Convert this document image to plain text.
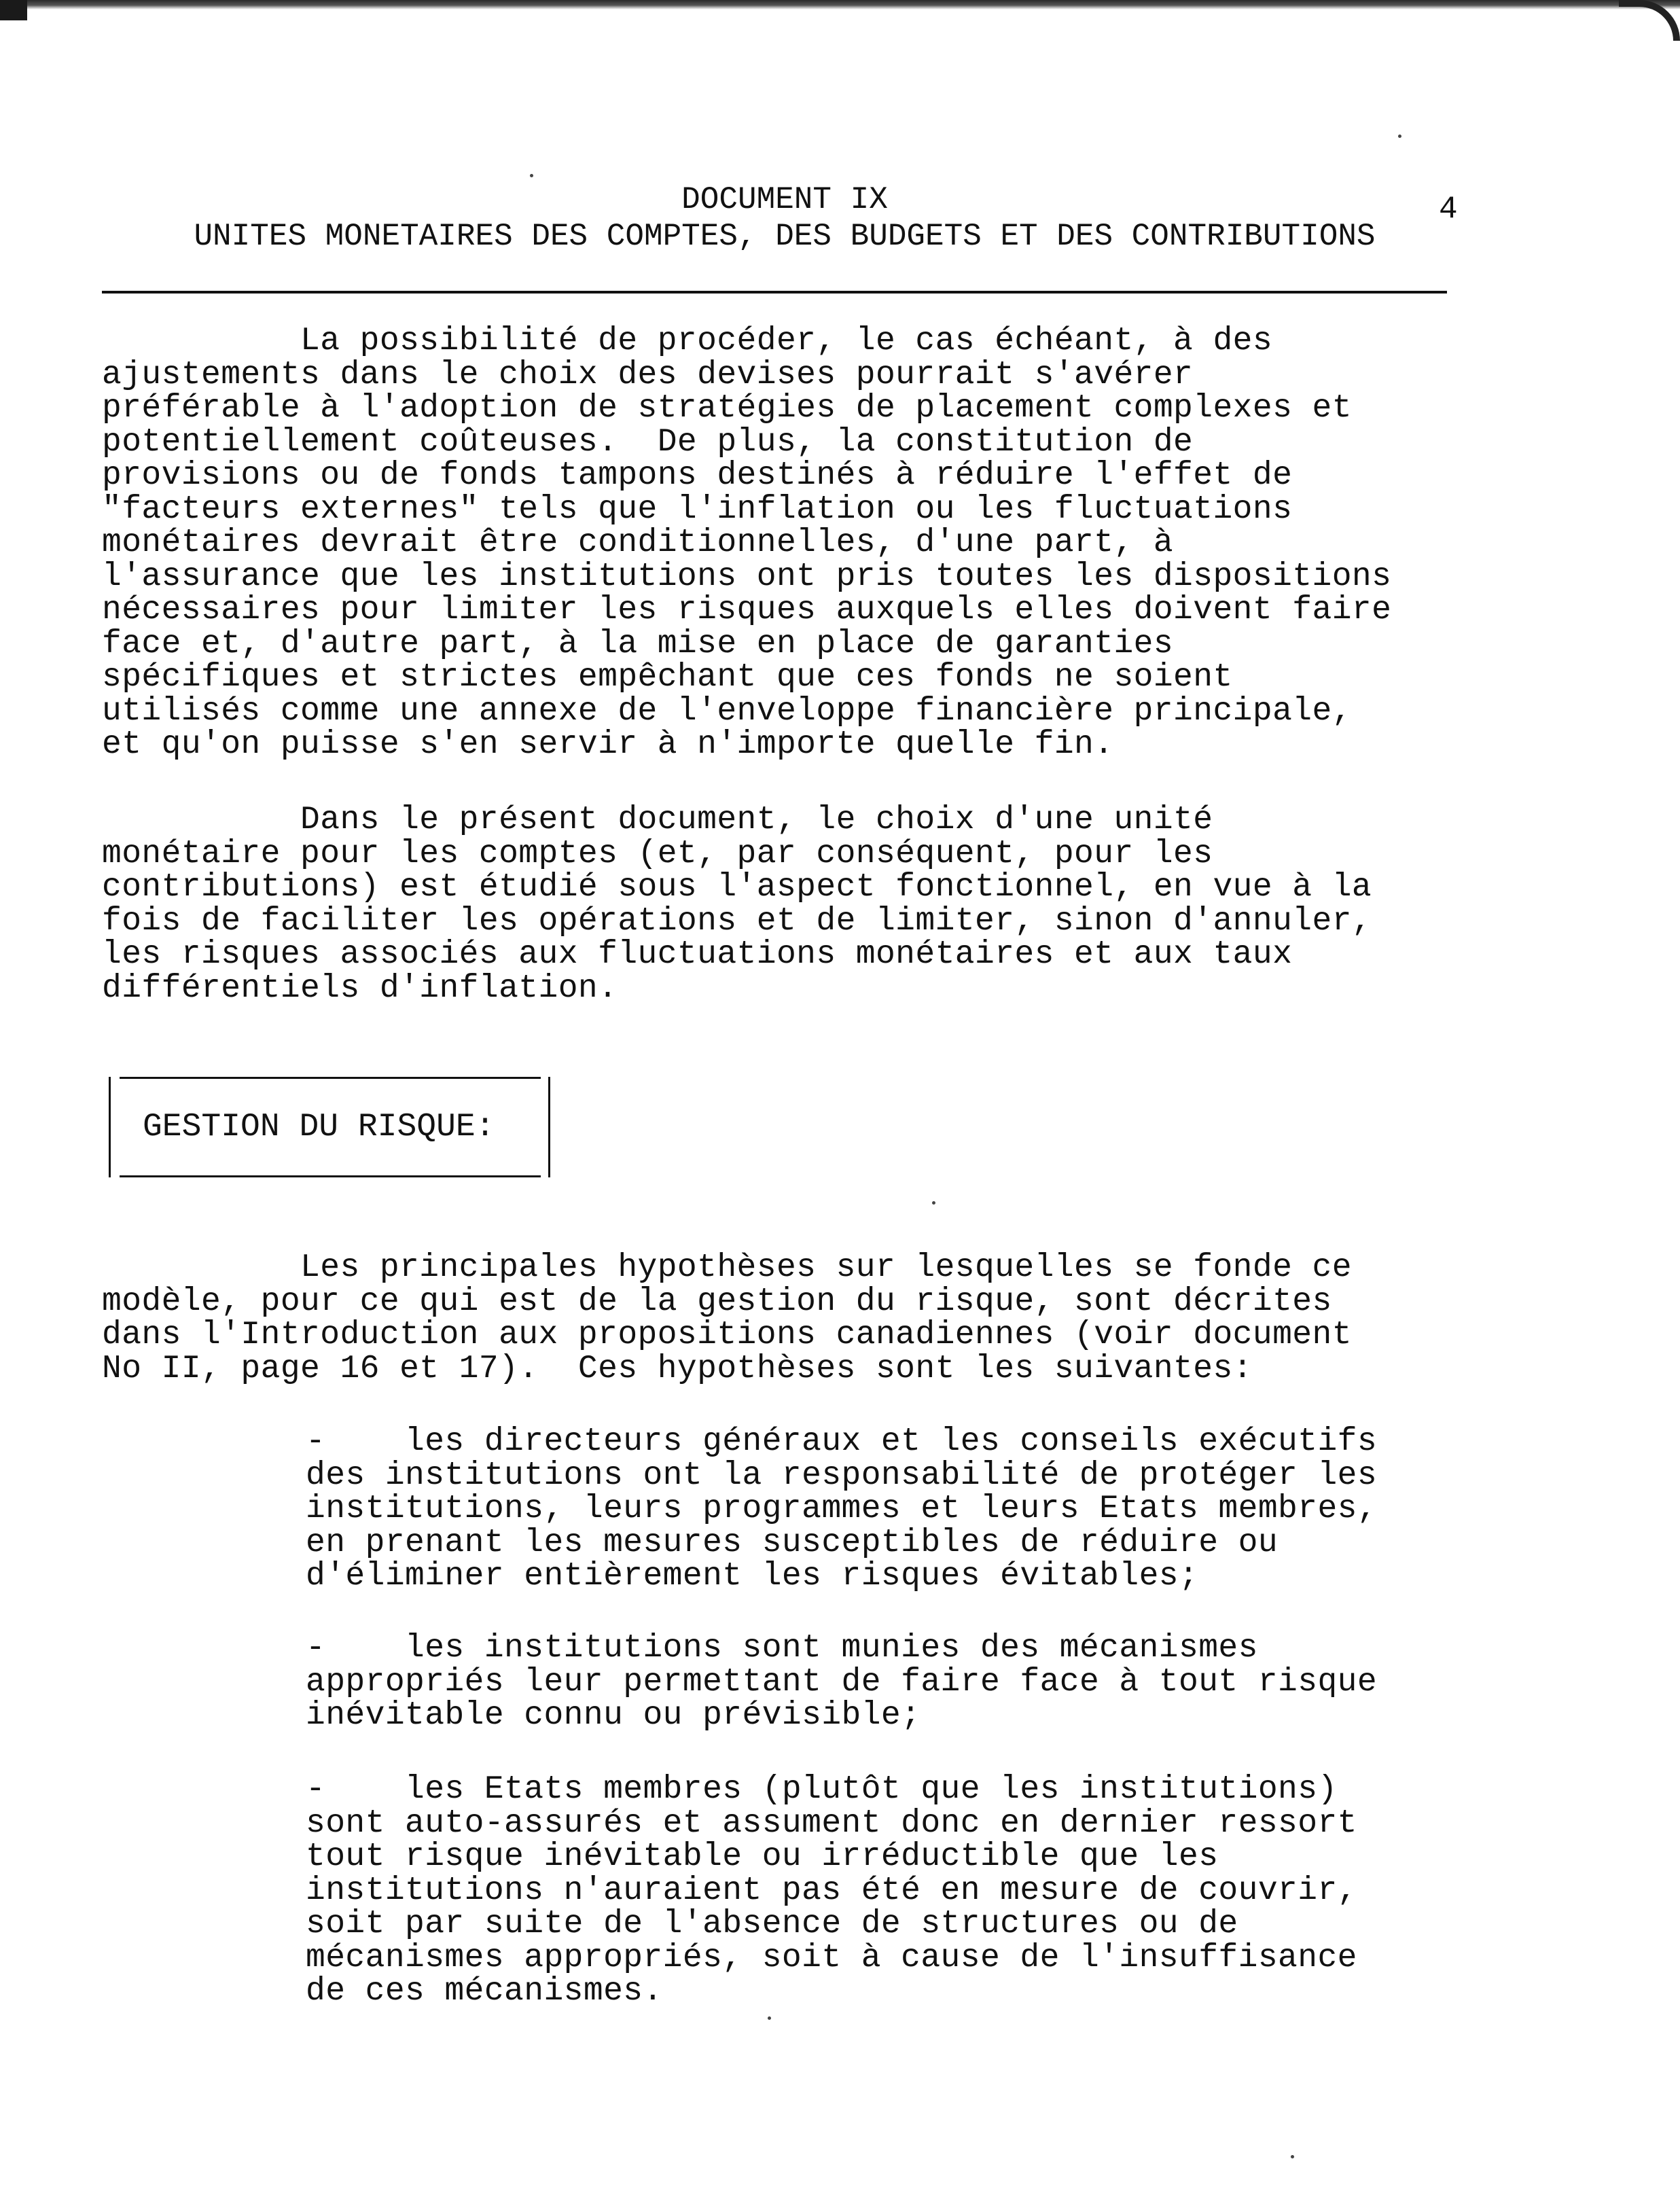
DOCUMENT IX	4
UNITES MONETAIRES DES COMPTES, DES BUDGETS ET DES CONTRIBUTIONS
La possibilité de procéder, le cas échéant, à des
ajustements dans le choix des devises pourrait s'avérer
préférable à l'adoption de stratégies de placement complexes et
potentiellement coûteuses.  De plus, la constitution de
provisions ou de fonds tampons destinés à réduire l'effet de
"facteurs externes" tels que l'inflation ou les fluctuations
monétaires devrait être conditionnelles, d'une part, à
l'assurance que les institutions ont pris toutes les dispositions
nécessaires pour limiter les risques auxquels elles doivent faire
face et, d'autre part, à la mise en place de garanties
spécifiques et strictes empêchant que ces fonds ne soient
utilisés comme une annexe de l'enveloppe financière principale,
et qu'on puisse s'en servir à n'importe quelle fin.
Dans le présent document, le choix d'une unité
monétaire pour les comptes (et, par conséquent, pour les
contributions) est étudié sous l'aspect fonctionnel, en vue à la
fois de faciliter les opérations et de limiter, sinon d'annuler,
les risques associés aux fluctuations monétaires et aux taux
différentiels d'inflation.
GESTION DU RISQUE:
Les principales hypothèses sur lesquelles se fonde ce
modèle, pour ce qui est de la gestion du risque, sont décrites
dans l'Introduction aux propositions canadiennes (voir document
No II, page 16 et 17).  Ces hypothèses sont les suivantes:
-    les directeurs généraux et les conseils exécutifs
des institutions ont la responsabilité de protéger les
institutions, leurs programmes et leurs Etats membres,
en prenant les mesures susceptibles de réduire ou
d'éliminer entièrement les risques évitables;
-    les institutions sont munies des mécanismes
appropriés leur permettant de faire face à tout risque
inévitable connu ou prévisible;
-    les Etats membres (plutôt que les institutions)
sont auto-assurés et assument donc en dernier ressort
tout risque inévitable ou irréductible que les
institutions n'auraient pas été en mesure de couvrir,
soit par suite de l'absence de structures ou de
mécanismes appropriés, soit à cause de l'insuffisance
de ces mécanismes.
